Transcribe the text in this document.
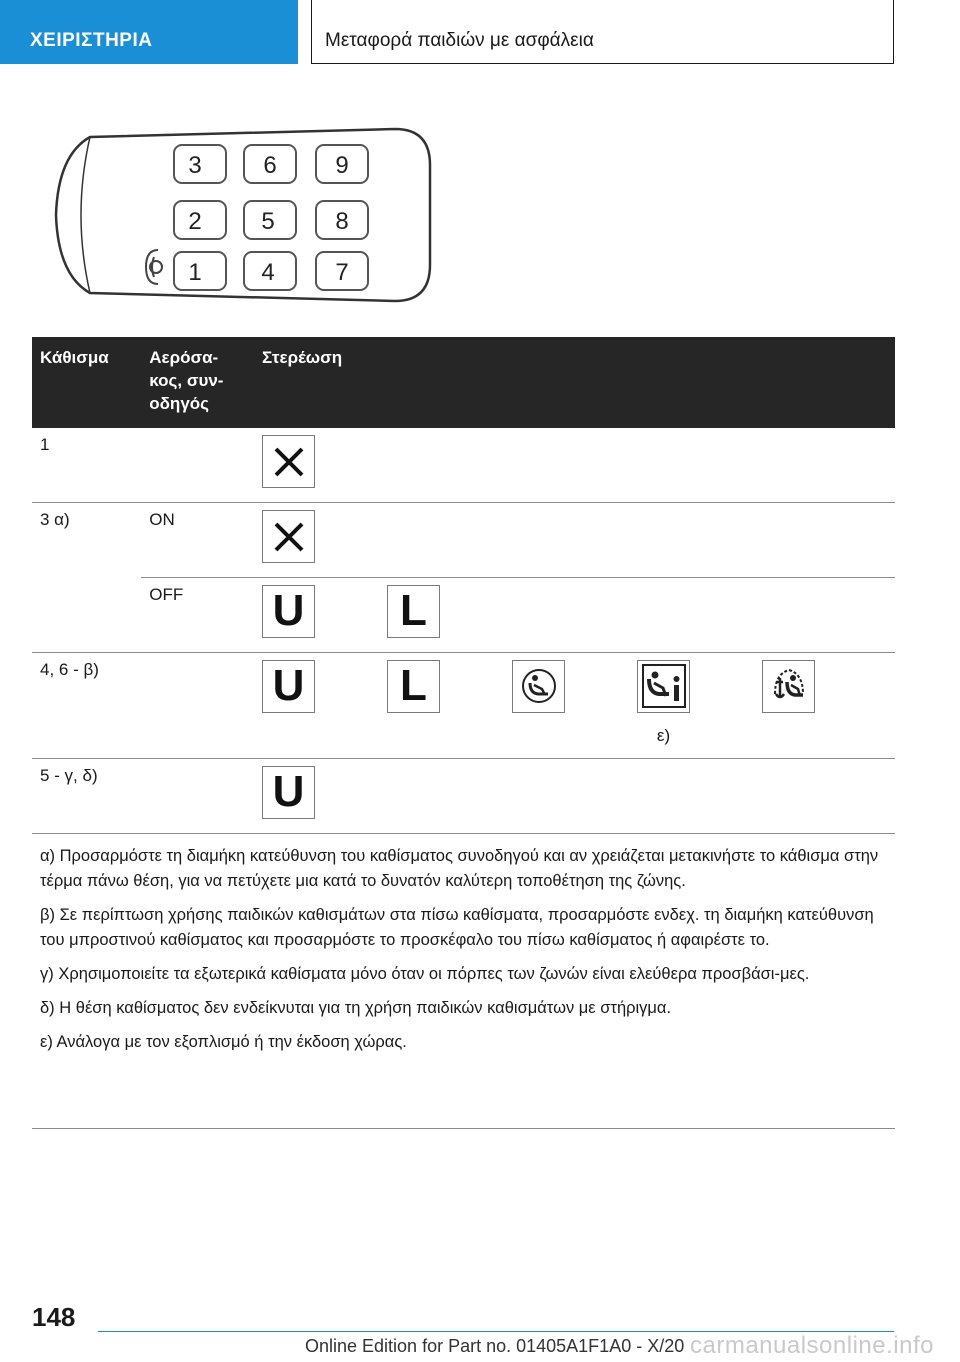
ΧΕΙΡΙΣΤΗΡΙΑ	Μεταφορά παιδιών με ασφάλεια
3	6 9
2 5	8
1 4	7
Κάθισμα	Αερόσα-
κος, συν-
οδηγός	Στερέωση
1		

3 α)	ON	

	OFF	U L

4, 6 - β)		U L
ε)

5 - γ, δ)		U

α) Προσαρμόστε τη διαμήκη κατεύθυνση του καθίσματος συνοδηγού και αν χρειάζεται μετακινήστε το κάθισμα στην τέρμα πάνω θέση, για να πετύχετε μια κατά το δυνατόν καλύτερη τοποθέτηση της ζώνης.

β) Σε περίπτωση χρήσης παιδικών καθισμάτων στα πίσω καθίσματα, προσαρμόστε ενδεχ. τη διαμήκη κατεύθυνση του μπροστινού καθίσματος και προσαρμόστε το προσκέφαλο του πίσω καθίσματος ή αφαιρέστε το.

γ) Χρησιμοποιείτε τα εξωτερικά καθίσματα μόνο όταν οι πόρπες των ζωνών είναι ελεύθερα προσβάσι-μες.

δ) Η θέση καθίσματος δεν ενδείκνυται για τη χρήση παιδικών καθισμάτων με στήριγμα.

ε) Ανάλογα με τον εξοπλισμό ή την έκδοση χώρας.		

148
Online Edition for Part no. 01405A1F1A0 - X/20 carmanualsonline.info
